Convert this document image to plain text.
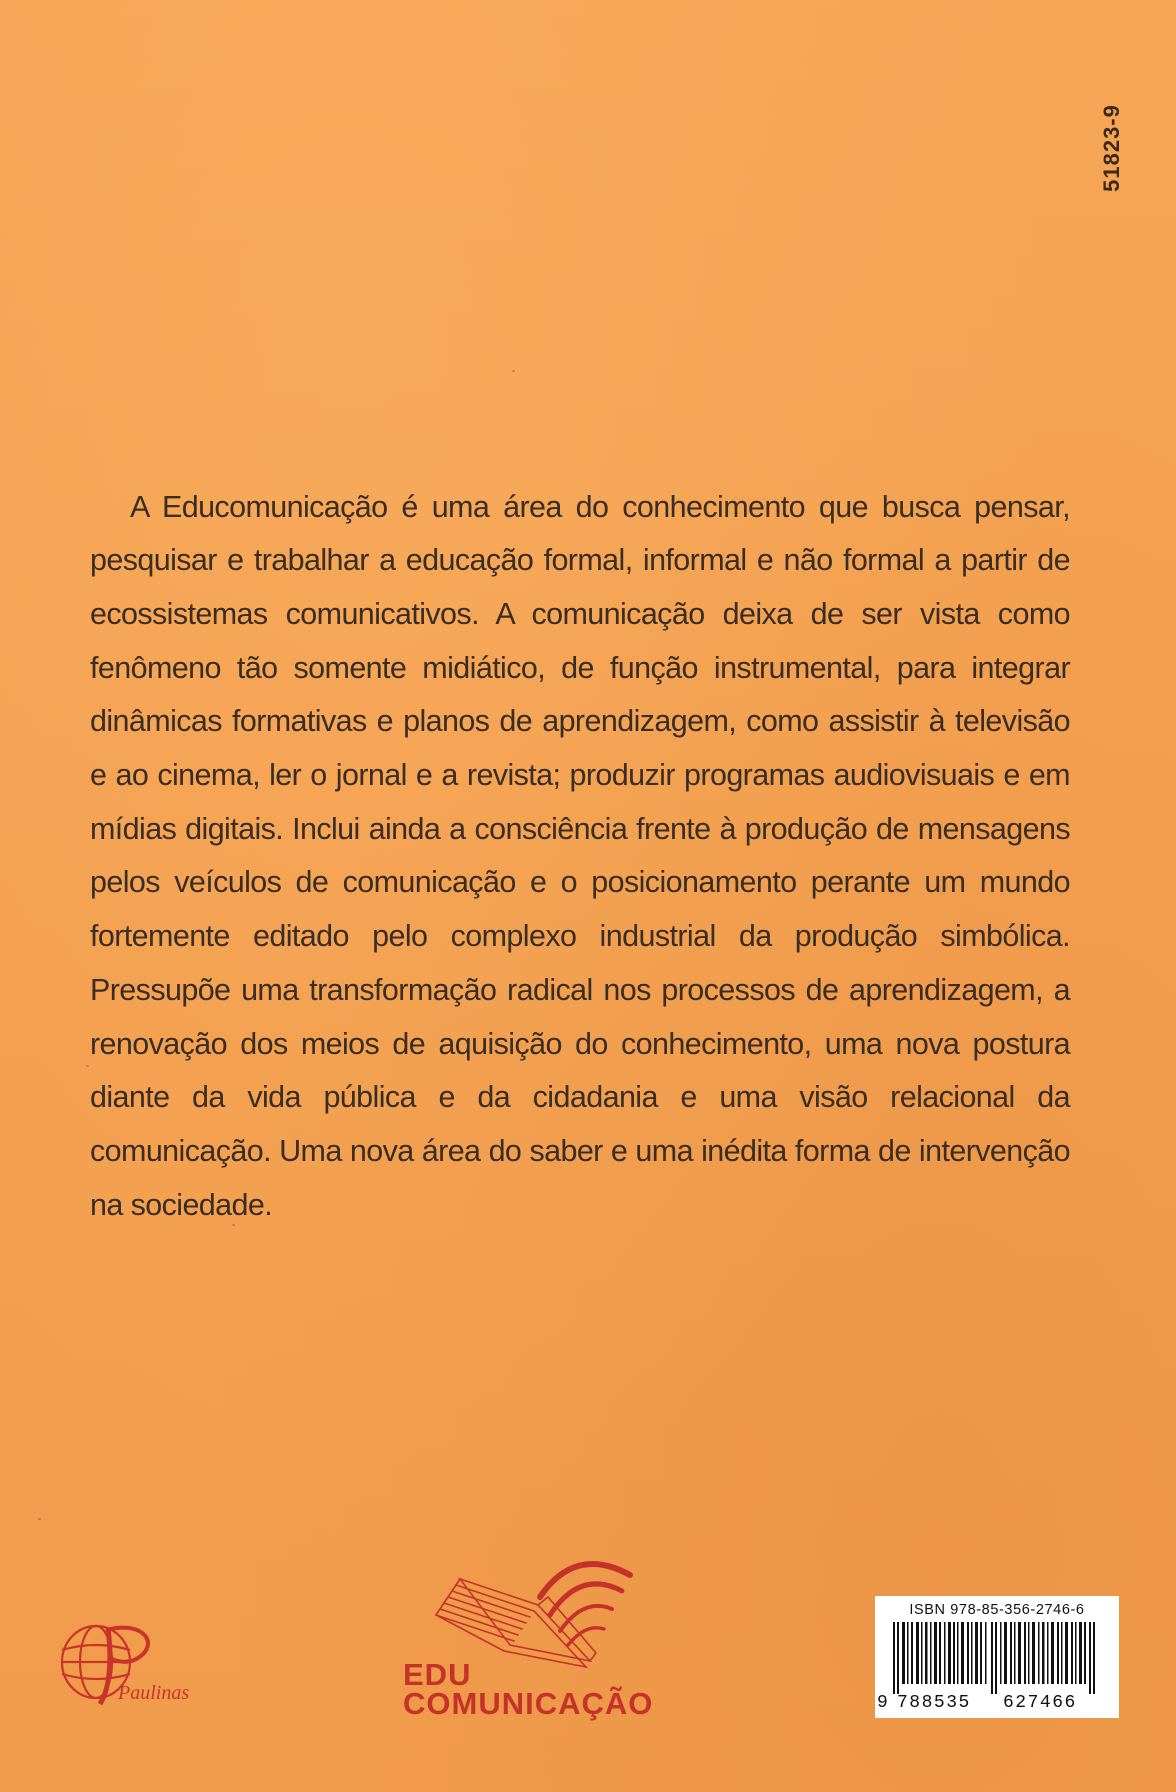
51823-9

A Educomunicação é uma área do conhecimento que busca pensar, pesquisar e trabalhar a educação formal, informal e não formal a partir de ecossistemas comunicativos. A comunicação deixa de ser vista como fenômeno tão somente midiático, de função instrumental, para integrar dinâmicas formativas e planos de aprendizagem, como assistir à televisão e ao cinema, ler o jornal e a revista; produzir programas audiovisuais e em mídias digitais. Inclui ainda a consciência frente à produção de mensagens pelos veículos de comunicação e o posicionamento perante um mundo fortemente editado pelo complexo industrial da produção simbólica. Pressupõe uma transformação radical nos processos de aprendizagem, a renovação dos meios de aquisição do conhecimento, uma nova postura diante da vida pública e da cidadania e uma visão relacional da comunicação. Uma nova área do saber e uma inédita forma de intervenção na sociedade.

Paulinas
EDU
COMUNICAÇÃO
ISBN 978-85-356-2746-6
9 788535 627466
